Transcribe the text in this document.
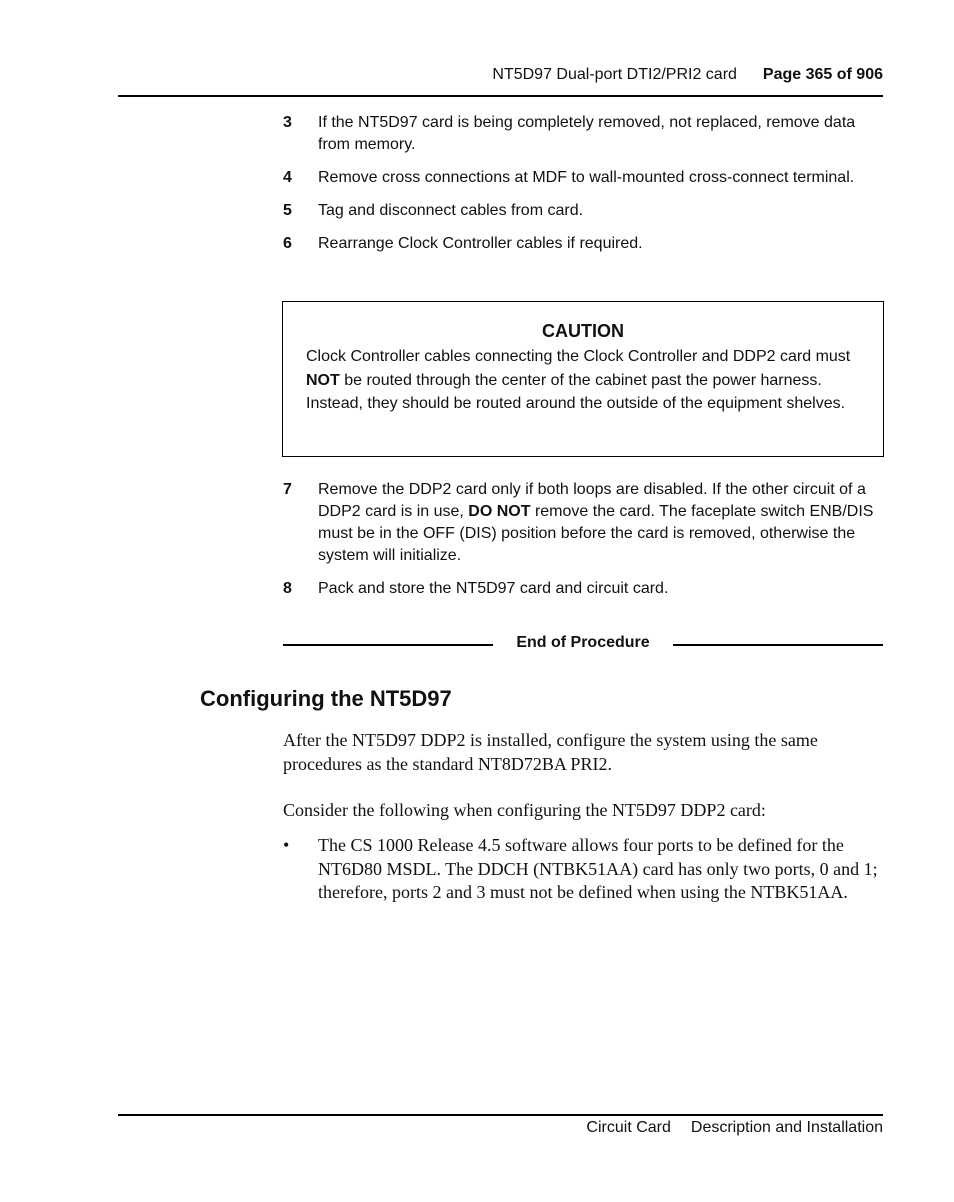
NT5D97 Dual-port DTI2/PRI2 card Page 365 of 906
3 If the NT5D97 card is being completely removed, not replaced, remove data from memory.
4 Remove cross connections at MDF to wall-mounted cross-connect terminal.
5 Tag and disconnect cables from card.
6 Rearrange Clock Controller cables if required.
CAUTION
Clock Controller cables connecting the Clock Controller and DDP2 card must NOT be routed through the center of the cabinet past the power harness. Instead, they should be routed around the outside of the equipment shelves.
7 Remove the DDP2 card only if both loops are disabled. If the other circuit of a DDP2 card is in use, DO NOT remove the card. The faceplate switch ENB/DIS must be in the OFF (DIS) position before the card is removed, otherwise the system will initialize.
8 Pack and store the NT5D97 card and circuit card.
End of Procedure
Configuring the NT5D97
After the NT5D97 DDP2 is installed, configure the system using the same procedures as the standard NT8D72BA PRI2.
Consider the following when configuring the NT5D97 DDP2 card:
• The CS 1000 Release 4.5 software allows four ports to be defined for the NT6D80 MSDL. The DDCH (NTBK51AA) card has only two ports, 0 and 1; therefore, ports 2 and 3 must not be defined when using the NTBK51AA.
Circuit Card Description and Installation
